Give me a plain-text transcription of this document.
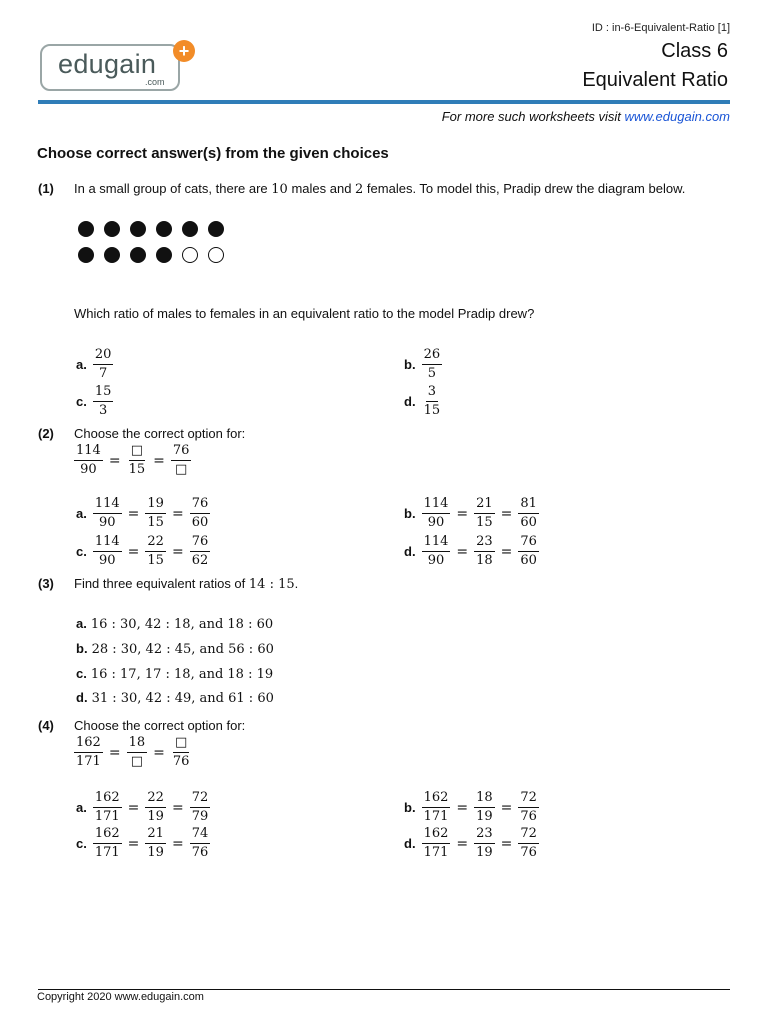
ID : in-6-Equivalent-Ratio [1]
Class 6
Equivalent Ratio
edugain
.com
+
For more such worksheets visit www.edugain.com
Choose correct answer(s) from the given choices
(1) In a small group of cats, there are 10 males and 2 females. To model this, Pradip drew the diagram below.
Which ratio of males to females in an equivalent ratio to the model Pradip drew?
a. $\frac{20}{7}$	b. $\frac{26}{5}$
c. $\frac{15}{3}$	d. $\frac{3}{15}$
(2) Choose the correct option for:
$\frac{114}{90} = \frac{□}{15} = \frac{76}{□}$
a. $\frac{114}{90} = \frac{19}{15} = \frac{76}{60}$	b. $\frac{114}{90} = \frac{21}{15} = \frac{81}{60}$
c. $\frac{114}{90} = \frac{22}{15} = \frac{76}{62}$	d. $\frac{114}{90} = \frac{23}{18} = \frac{76}{60}$
(3) Find three equivalent ratios of 14 : 15.
a. 16 : 30, 42 : 18, and 18 : 60
b. 28 : 30, 42 : 45, and 56 : 60
c. 16 : 17, 17 : 18, and 18 : 19
d. 31 : 30, 42 : 49, and 61 : 60
(4) Choose the correct option for:
$\frac{162}{171} = \frac{18}{□} = \frac{□}{76}$
a. $\frac{162}{171} = \frac{22}{19} = \frac{72}{79}$	b. $\frac{162}{171} = \frac{18}{19} = \frac{72}{76}$
c. $\frac{162}{171} = \frac{21}{19} = \frac{74}{76}$	d. $\frac{162}{171} = \frac{23}{19} = \frac{72}{76}$
Copyright 2020 www.edugain.com
